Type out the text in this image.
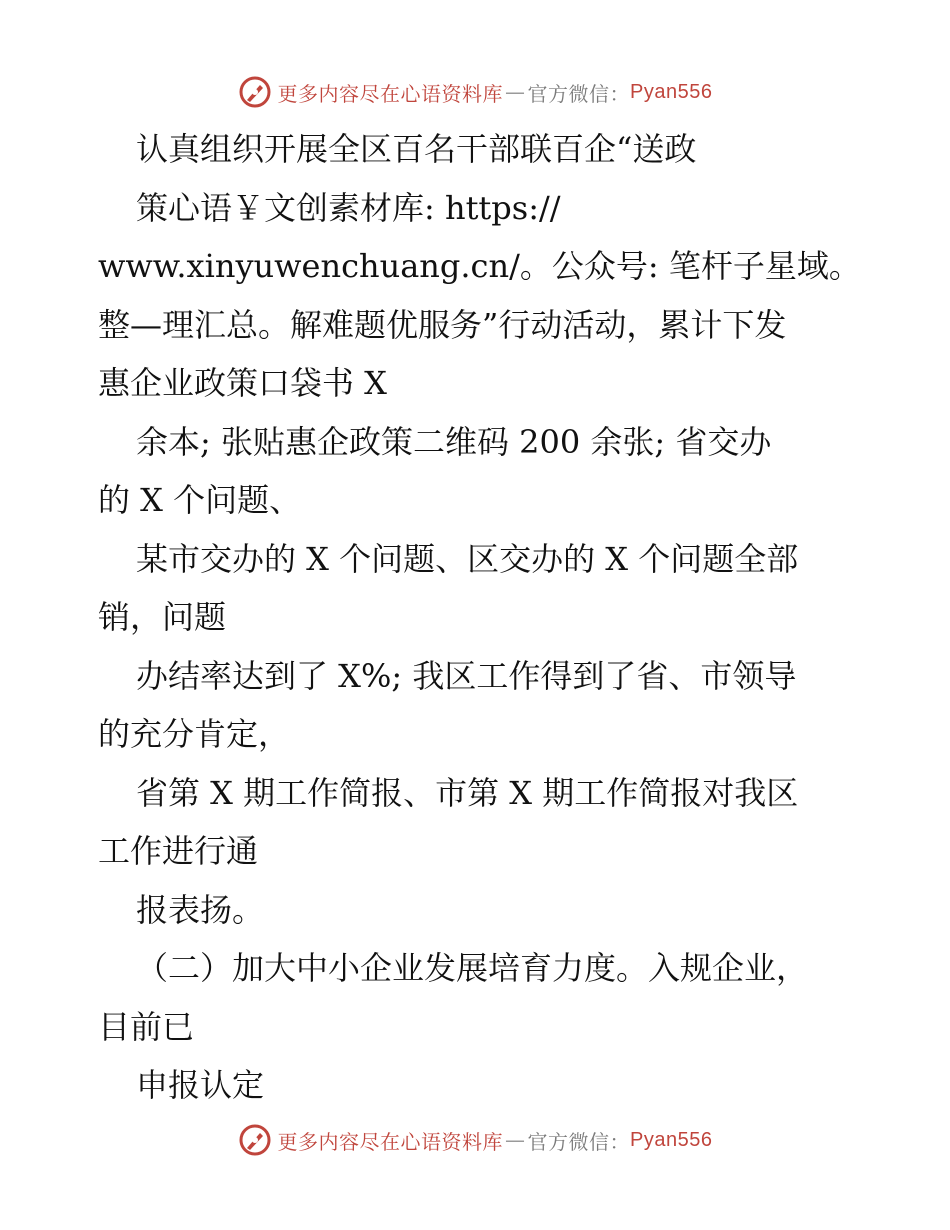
更多内容尽在心语资料库 — 官方微信： Pyan556
认真组织开展全区百名干部联百企“送政
策心语￥文创素材库: https://
www.xinyuwenchuang.cn/。公众号: 笔杆子星域。
整—理汇总。解难题优服务”行动活动，累计下发
惠企业政策口袋书 X
余本; 张贴惠企政策二维码 200 余张; 省交办
的 X 个问题、
某市交办的 X 个问题、区交办的 X 个问题全部
销，问题
办结率达到了 X%; 我区工作得到了省、市领导
的充分肯定，
省第 X 期工作简报、市第 X 期工作简报对我区
工作进行通
报表扬。
（二）加大中小企业发展培育力度。入规企业，
目前已
申报认定
更多内容尽在心语资料库 — 官方微信： Pyan556
